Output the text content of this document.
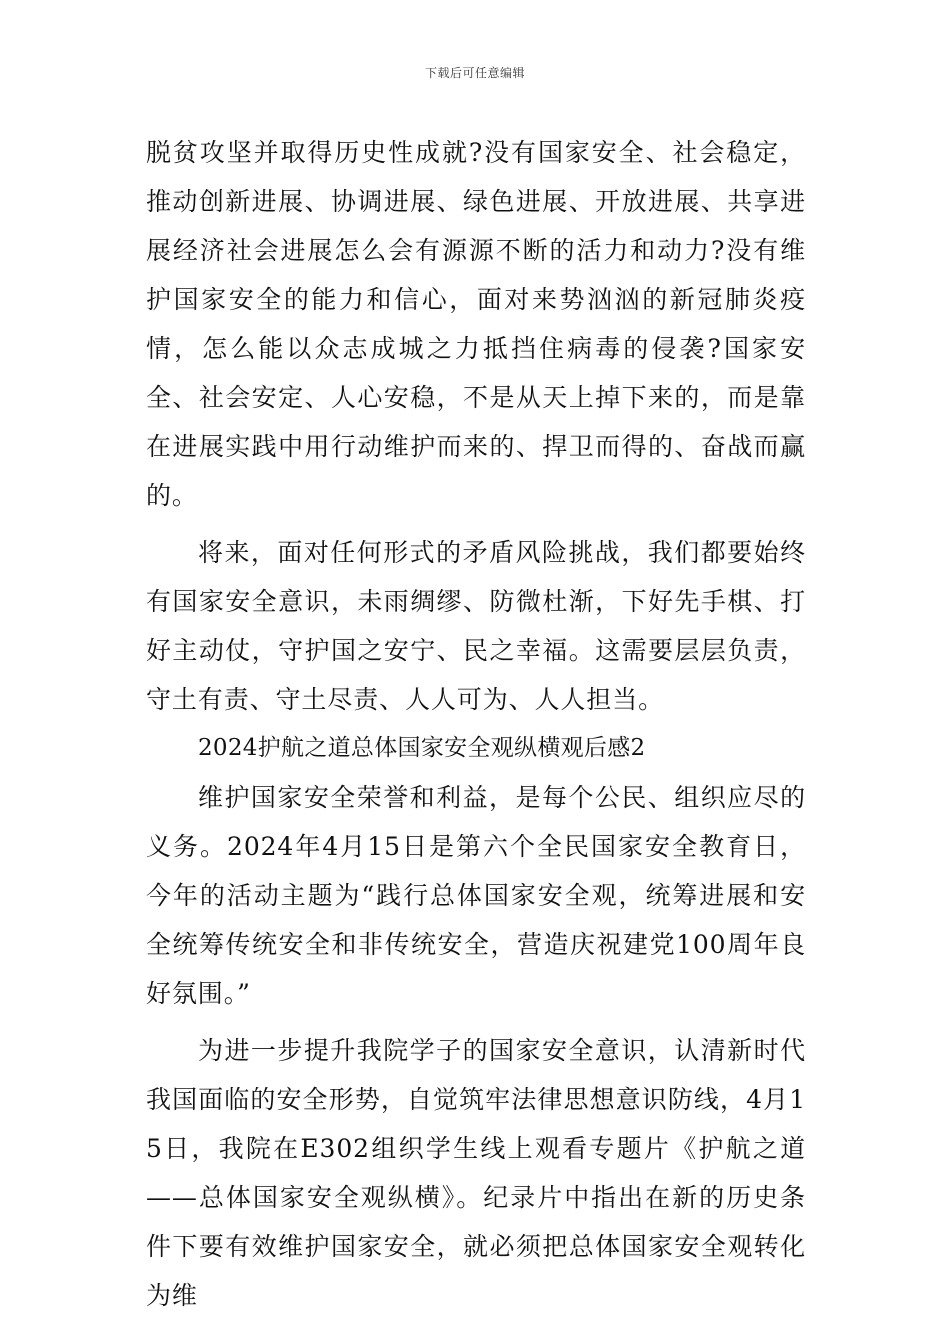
下载后可任意编辑

脱贫攻坚并取得历史性成就?没有国家安全、社会稳定，推动创新进展、协调进展、绿色进展、开放进展、共享进展经济社会进展怎么会有源源不断的活力和动力?没有维护国家安全的能力和信心，面对来势汹汹的新冠肺炎疫情，怎么能以众志成城之力抵挡住病毒的侵袭?国家安全、社会安定、人心安稳，不是从天上掉下来的，而是靠在进展实践中用行动维护而来的、捍卫而得的、奋战而赢的。

将来，面对任何形式的矛盾风险挑战，我们都要始终有国家安全意识，未雨绸缪、防微杜渐，下好先手棋、打好主动仗，守护国之安宁、民之幸福。这需要层层负责，守土有责、守土尽责、人人可为、人人担当。

2024护航之道总体国家安全观纵横观后感2

维护国家安全荣誉和利益，是每个公民、组织应尽的义务。2024年4月15日是第六个全民国家安全教育日，今年的活动主题为“践行总体国家安全观，统筹进展和安全统筹传统安全和非传统安全，营造庆祝建党100周年良好氛围。”

为进一步提升我院学子的国家安全意识，认清新时代我国面临的安全形势，自觉筑牢法律思想意识防线，4月15日，我院在E302组织学生线上观看专题片《护航之道——总体国家安全观纵横》。纪录片中指出在新的历史条件下要有效维护国家安全，就必须把总体国家安全观转化为维
